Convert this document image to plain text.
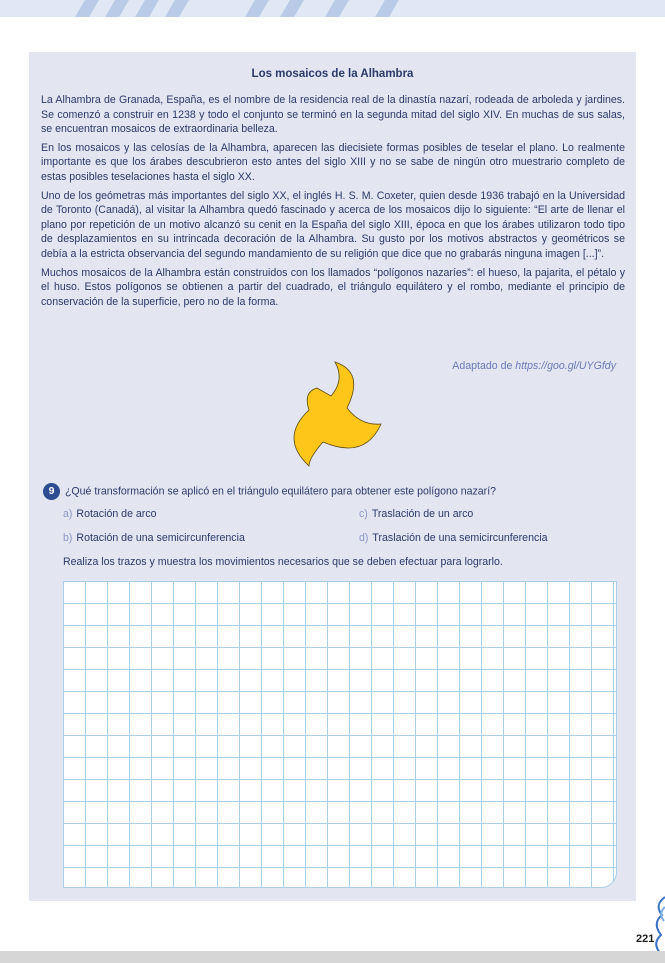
Los mosaicos de la Alhambra

La Alhambra de Granada, España, es el nombre de la residencia real de la dinastía nazarí, rodeada de arboleda y jardines. Se comenzó a construir en 1238 y todo el conjunto se terminó en la segunda mitad del siglo XIV. En muchas de sus salas, se encuentran mosaicos de extraordinaria belleza.

En los mosaicos y las celosías de la Alhambra, aparecen las diecisiete formas posibles de teselar el plano. Lo realmente importante es que los árabes descubrieron esto antes del siglo XIII y no se sabe de ningún otro muestrario completo de estas posibles teselaciones hasta el siglo XX.

Uno de los geómetras más importantes del siglo XX, el inglés H. S. M. Coxeter, quien desde 1936 trabajó en la Universidad de Toronto (Canadá), al visitar la Alhambra quedó fascinado y acerca de los mosaicos dijo lo siguiente: “El arte de llenar el plano por repetición de un motivo alcanzó su cenit en la España del siglo XIII, época en que los árabes utilizaron todo tipo de desplazamientos en su intrincada decoración de la Alhambra. Su gusto por los motivos abstractos y geométricos se debía a la estricta observancia del segundo mandamiento de su religión que dice que no grabarás ninguna imagen [...]”.

Muchos mosaicos de la Alhambra están construidos con los llamados “polígonos nazaríes”: el hueso, la pajarita, el pétalo y el huso. Estos polígonos se obtienen a partir del cuadrado, el triángulo equilátero y el rombo, mediante el principio de conservación de la superficie, pero no de la forma.

Adaptado de https://goo.gl/UYGfdy
9 ¿Qué transformación se aplicó en el triángulo equilátero para obtener este polígono nazarí?
a) Rotación de arco	c) Traslación de un arco
b) Rotación de una semicircunferencia	d) Traslación de una semicircunferencia
Realiza los trazos y muestra los movimientos necesarios que se deben efectuar para lograrlo.
221
